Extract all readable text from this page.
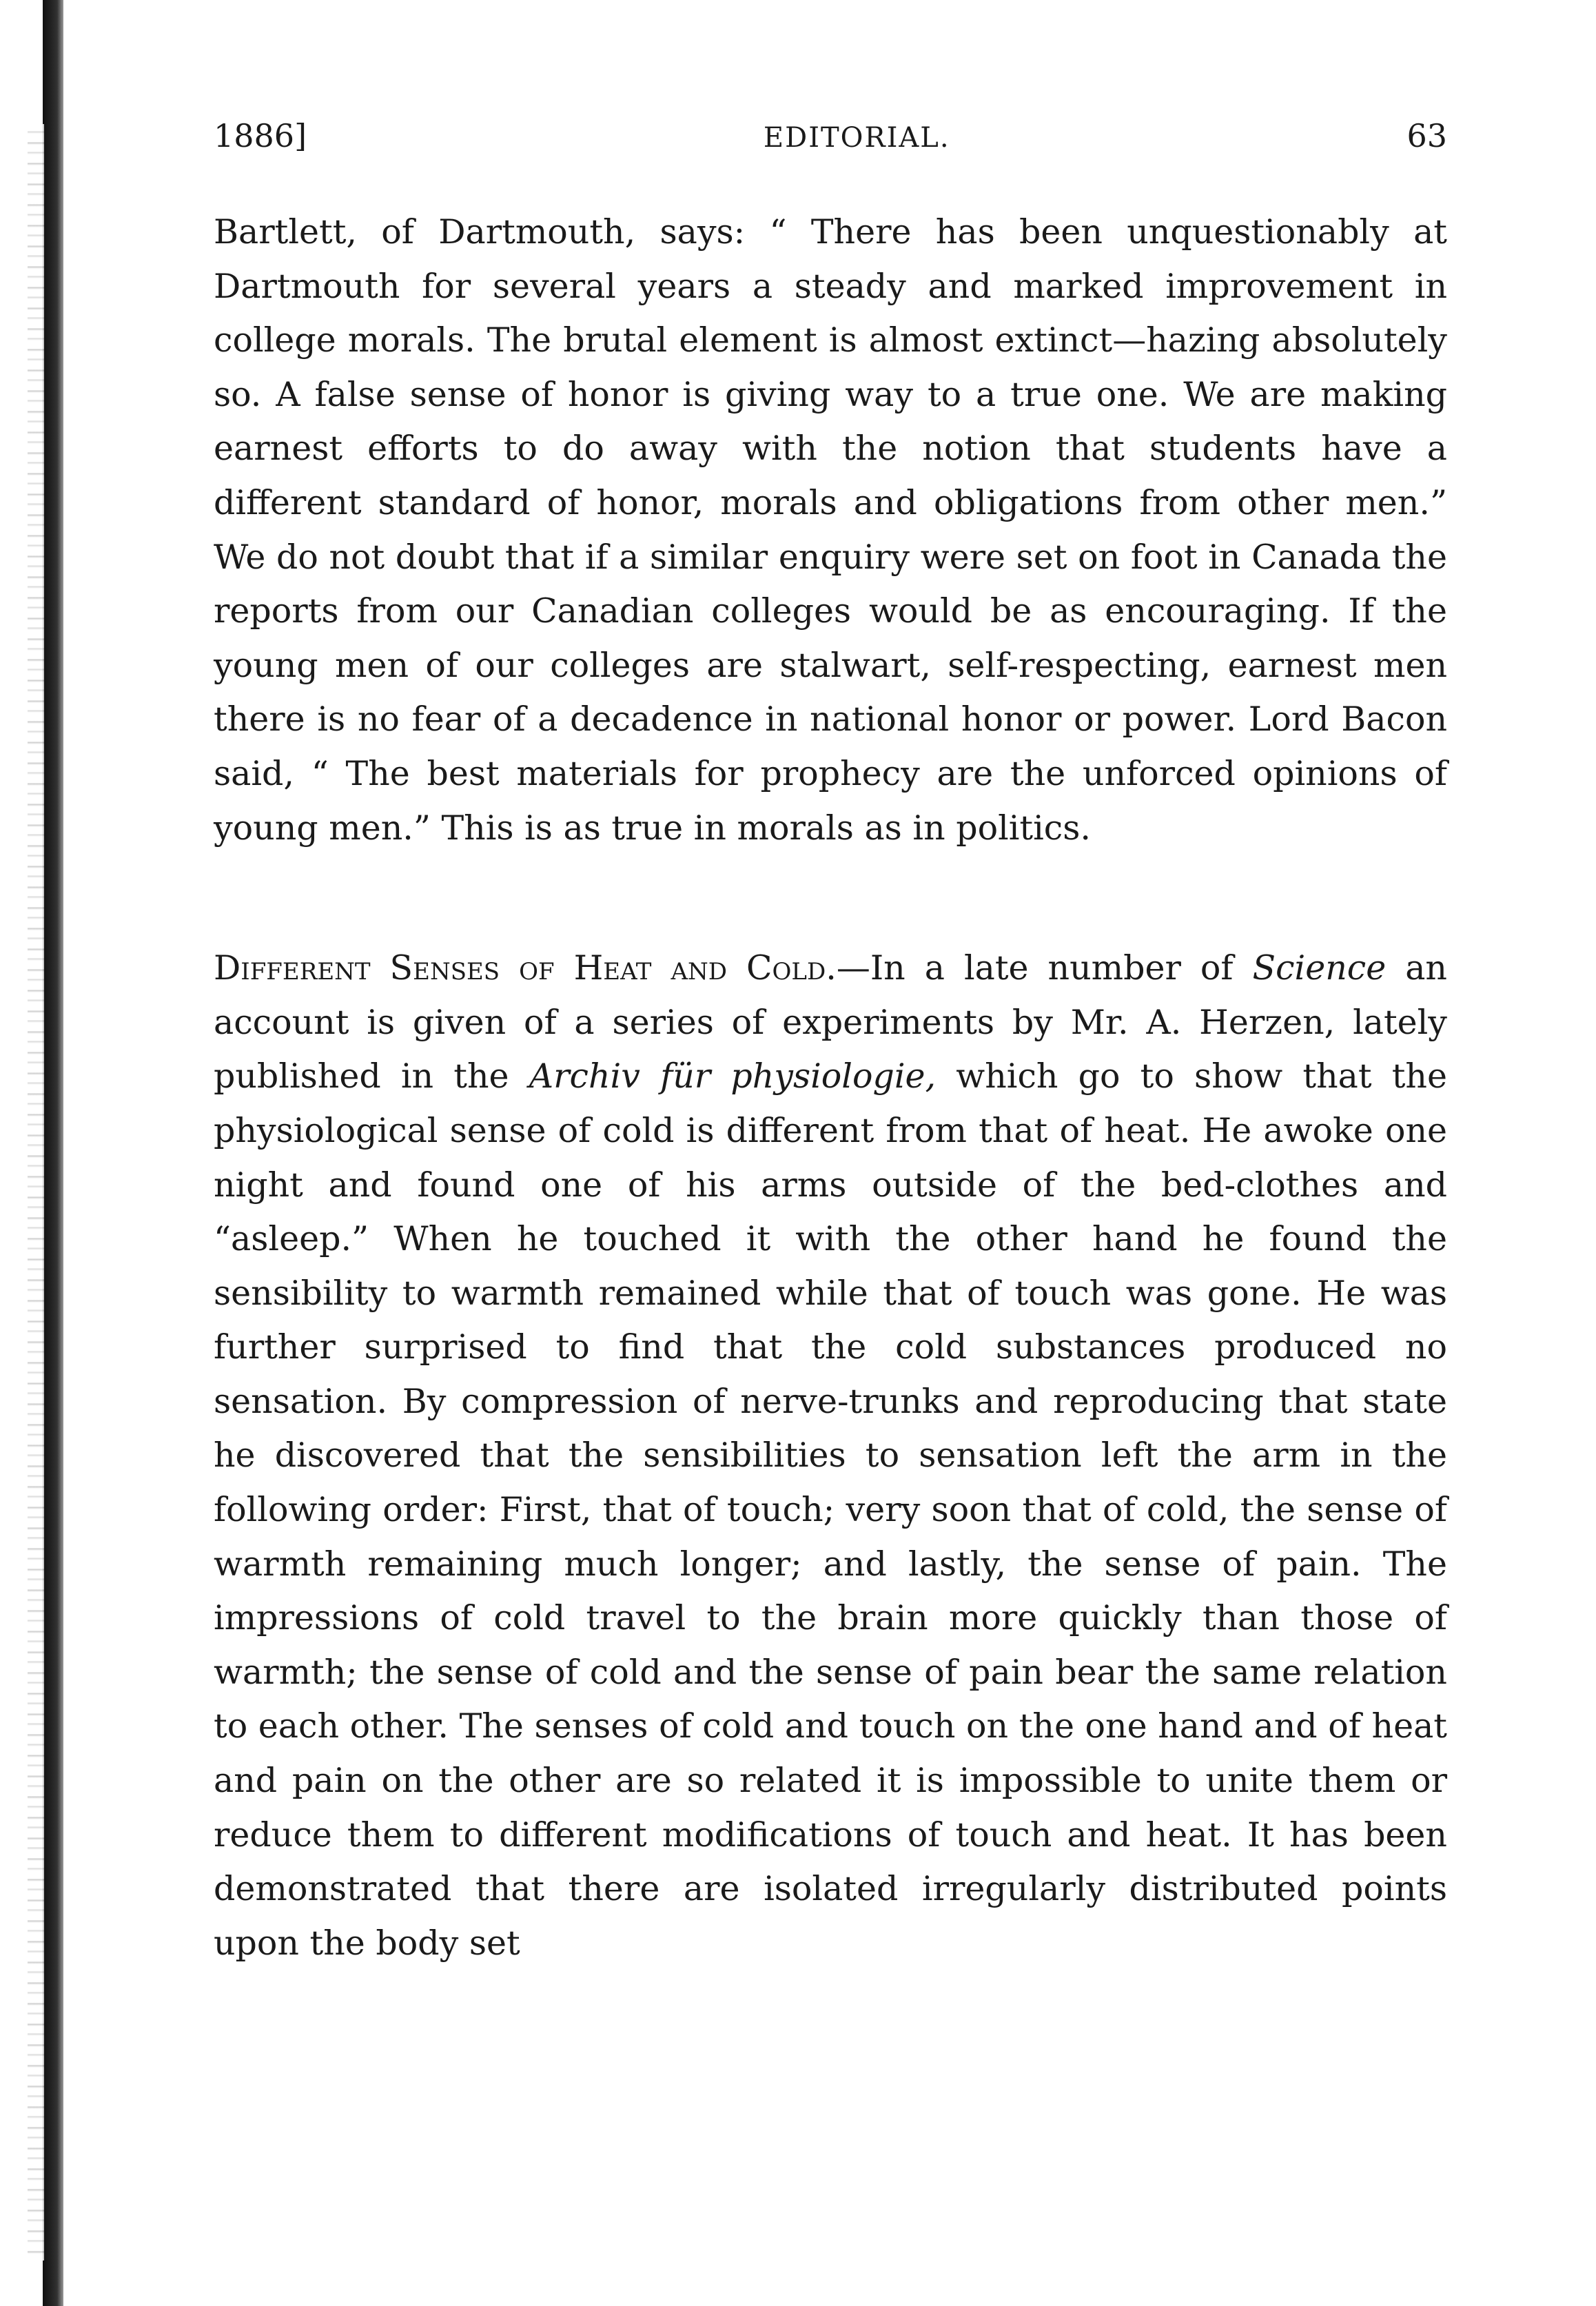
1886]	EDITORIAL.	63

Bartlett, of Dartmouth, says: “ There has been unquestionably at Dartmouth for several years a steady and marked improvement in college morals. The brutal element is almost extinct—hazing absolutely so. A false sense of honor is giving way to a true one. We are making earnest efforts to do away with the notion that students have a different standard of honor, morals and obligations from other men.” We do not doubt that if a similar enquiry were set on foot in Canada the reports from our Canadian colleges would be as encouraging. If the young men of our colleges are stalwart, self-respecting, earnest men there is no fear of a decadence in national honor or power. Lord Bacon said, “ The best materials for prophecy are the unforced opinions of young men.” This is as true in morals as in politics.

Different Senses of Heat and Cold.—In a late number of Science an account is given of a series of experiments by Mr. A. Herzen, lately published in the Archiv für physiologie, which go to show that the physiological sense of cold is different from that of heat. He awoke one night and found one of his arms outside of the bed-clothes and “asleep.” When he touched it with the other hand he found the sensibility to warmth remained while that of touch was gone. He was further surprised to find that the cold substances produced no sensation. By compression of nerve-trunks and reproducing that state he discovered that the sensibilities to sensation left the arm in the following order: First, that of touch; very soon that of cold, the sense of warmth remaining much longer; and lastly, the sense of pain. The impressions of cold travel to the brain more quickly than those of warmth; the sense of cold and the sense of pain bear the same relation to each other. The senses of cold and touch on the one hand and of heat and pain on the other are so related it is impossible to unite them or reduce them to different modifications of touch and heat. It has been demonstrated that there are isolated irregularly distributed points upon the body set
